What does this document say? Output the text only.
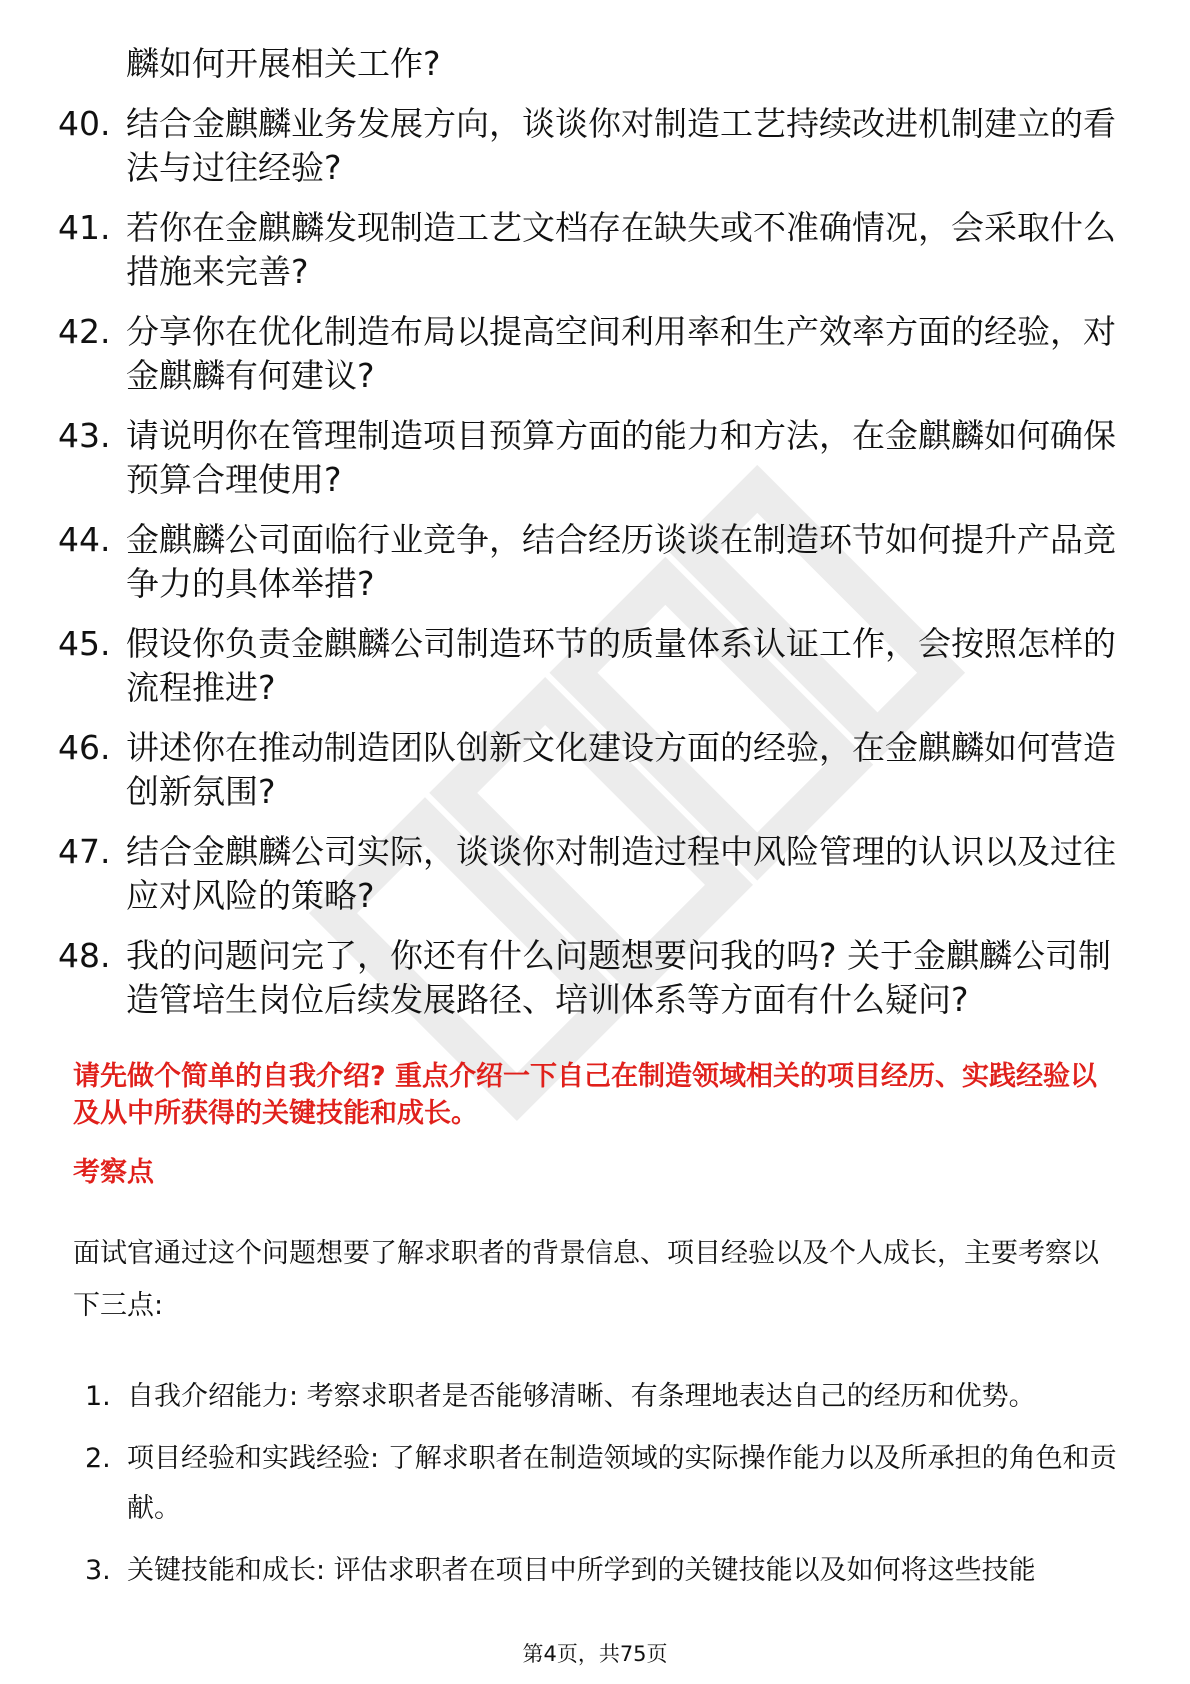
麟如何开展相关工作?

40. 结合金麒麟业务发展方向，谈谈你对制造工艺持续改进机制建立的看法与过往经验?
41. 若你在金麒麟发现制造工艺文档存在缺失或不准确情况，会采取什么措施来完善?
42. 分享你在优化制造布局以提高空间利用率和生产效率方面的经验，对金麒麟有何建议?
43. 请说明你在管理制造项目预算方面的能力和方法，在金麒麟如何确保预算合理使用?
44. 金麒麟公司面临行业竞争，结合经历谈谈在制造环节如何提升产品竞争力的具体举措?
45. 假设你负责金麒麟公司制造环节的质量体系认证工作，会按照怎样的流程推进?
46. 讲述你在推动制造团队创新文化建设方面的经验，在金麒麟如何营造创新氛围?
47. 结合金麒麟公司实际，谈谈你对制造过程中风险管理的认识以及过往应对风险的策略?
48. 我的问题问完了，你还有什么问题想要问我的吗? 关于金麒麟公司制造管培生岗位后续发展路径、培训体系等方面有什么疑问?

请先做个简单的自我介绍? 重点介绍一下自己在制造领域相关的项目经历、实践经验以及从中所获得的关键技能和成长。

考察点

面试官通过这个问题想要了解求职者的背景信息、项目经验以及个人成长，主要考察以下三点:

1. 自我介绍能力: 考察求职者是否能够清晰、有条理地表达自己的经历和优势。
2. 项目经验和实践经验: 了解求职者在制造领域的实际操作能力以及所承担的角色和贡献。
3. 关键技能和成长: 评估求职者在项目中所学到的关键技能以及如何将这些技能
第4页，共75页
